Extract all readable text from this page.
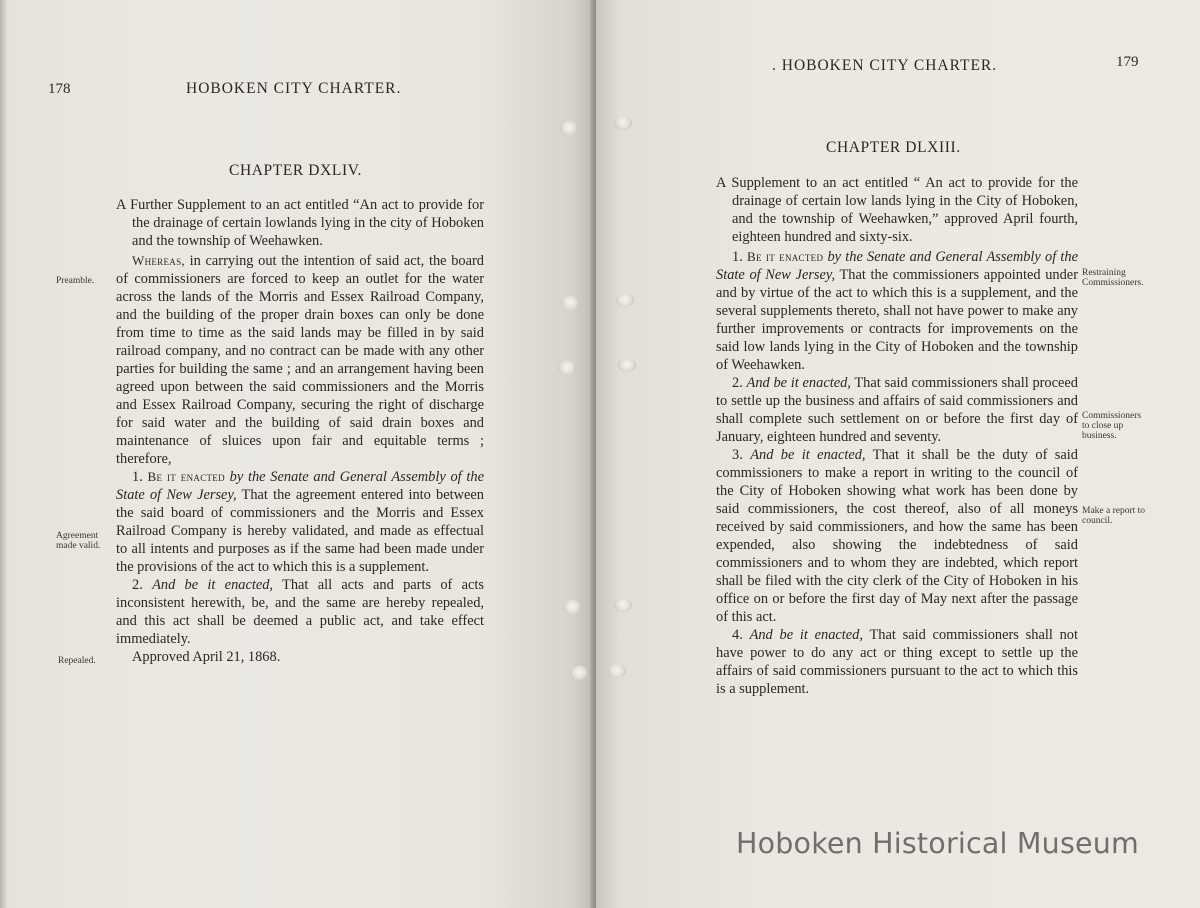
178	HOBOKEN CITY CHARTER.
CHAPTER DXLIV.
Preamble.
Agreement made valid.
Repealed.

A Further Supplement to an act entitled “An act to provide for the drainage of certain lowlands lying in the city of Hoboken and the township of Weehawken.

Whereas, in carrying out the intention of said act, the board of commissioners are forced to keep an outlet for the water across the lands of the Morris and Essex Railroad Company, and the building of the proper drain boxes can only be done from time to time as the said lands may be filled in by said railroad company, and no contract can be made with any other parties for building the same ; and an arrangement having been agreed upon between the said commissioners and the Morris and Essex Railroad Company, securing the right of discharge for said water and the building of said drain boxes and maintenance of sluices upon fair and equitable terms ; therefore,

1. Be it enacted by the Senate and General Assembly of the State of New Jersey, That the agreement entered into between the said board of commissioners and the Morris and Essex Railroad Company is hereby validated, and made as effectual to all intents and purposes as if the same had been made under the provisions of the act to which this is a supplement.

2. And be it enacted, That all acts and parts of acts inconsistent herewith, be, and the same are hereby repealed, and this act shall be deemed a public act, and take effect immediately.

Approved April 21, 1868.

. HOBOKEN CITY CHARTER.	179
CHAPTER DLXIII.
Restraining Commissioners.
Commissioners to close up business.
Make a report to council.

A Supplement to an act entitled “ An act to provide for the drainage of certain low lands lying in the City of Hoboken, and the township of Weehawken,” approved April fourth, eighteen hundred and sixty-six.

1. Be it enacted by the Senate and General Assembly of the State of New Jersey, That the commissioners appointed under and by virtue of the act to which this is a supplement, and the several supplements thereto, shall not have power to make any further improvements or contracts for improvements on the said low lands lying in the City of Hoboken and the township of Weehawken.

2. And be it enacted, That said commissioners shall proceed to settle up the business and affairs of said commissioners and shall complete such settlement on or before the first day of January, eighteen hundred and seventy.

3. And be it enacted, That it shall be the duty of said commissioners to make a report in writing to the council of the City of Hoboken showing what work has been done by said commissioners, the cost thereof, also of all moneys received by said commissioners, and how the same has been expended, also showing the indebtedness of said commissioners and to whom they are indebted, which report shall be filed with the city clerk of the City of Hoboken in his office on or before the first day of May next after the passage of this act.

4. And be it enacted, That said commissioners shall not have power to do any act or thing except to settle up the affairs of said commissioners pursuant to the act to which this is a supplement.

Hoboken Historical Museum
